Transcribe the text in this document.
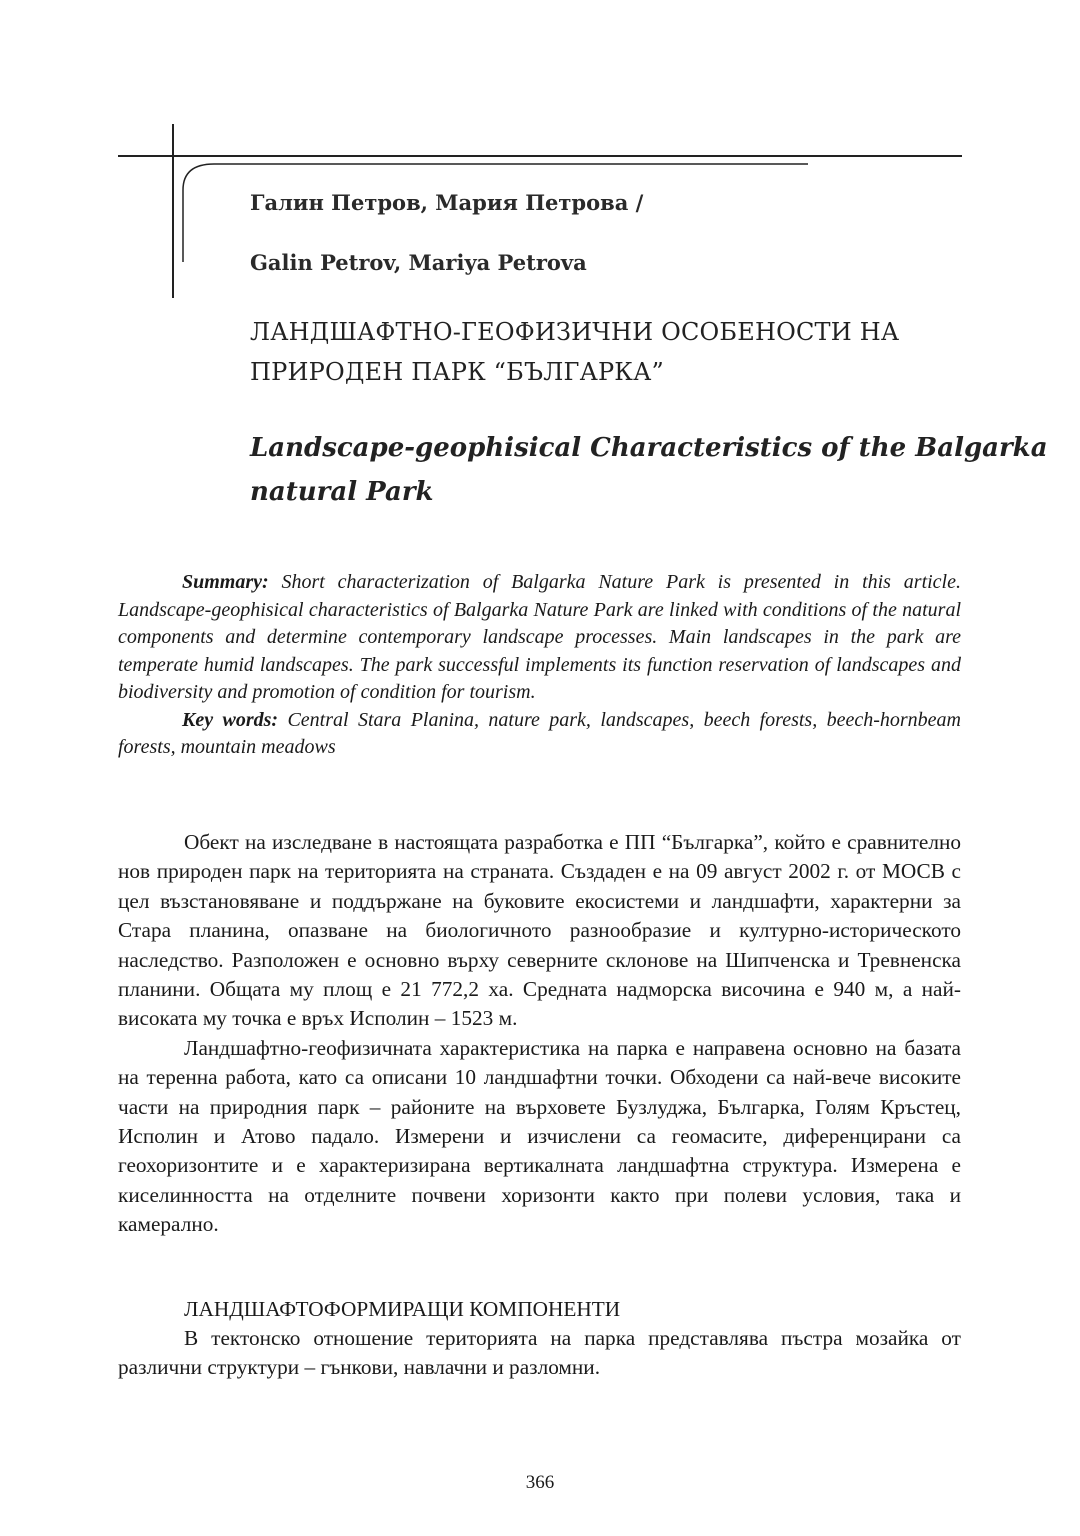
Галин Петров, Мария Петрова /
Galin Petrov, Mariya Petrova
ЛАНДШАФТНО-ГЕОФИЗИЧНИ ОСОБЕНОСТИ НА
ПРИРОДЕН ПАРК “БЪЛГАРКА”
Landscape-geophisical Characteristics of the Balgarka
natural Park

Summary: Short characterization of Balgarka Nature Park is presented in this article. Landscape-geophisical characteristics of Balgarka Nature Park are linked with conditions of the natural components and determine contemporary landscape processes. Main landscapes in the park are temperate humid landscapes. The park successful implements its function reservation of landscapes and biodiversity and promotion of condition for tourism.

Key words: Central Stara Planina, nature park, landscapes, beech forests, beech-hornbeam forests, mountain meadows

Обект на изследване в настоящата разработка е ПП “Българка”, който е сравнително нов природен парк на територията на страната. Създаден е на 09 август 2002 г. от МОСВ с цел възстановяване и поддържане на буковите екосистеми и ландшафти, характерни за Стара планина, опазване на биологичното разнообразие и културно-историческото наследство. Разположен е основно върху северните склонове на Шипченска и Тревненска планини. Общата му площ е 21 772,2 ха. Средната надморска височина е 940 м, а най-високата му точка е връх Исполин – 1523 м.

Ландшафтно-геофизичната характеристика на парка е направена основно на базата на теренна работа, като са описани 10 ландшафтни точки. Обходени са най-вече високите части на природния парк – районите на върховете Бузлуджа, Българка, Голям Кръстец, Исполин и Атово падало. Измерени и изчислени са геомасите, диференцирани са геохоризонтите и е характеризирана вертикалната ландшафтна структура. Измерена е киселинността на отделните почвени хоризонти както при полеви условия, така и камерално.

ЛАНДШАФТОФОРМИРАЩИ КОМПОНЕНТИ

В тектонско отношение територията на парка представлява пъстра мозайка от различни структури – гънкови, навлачни и разломни.

366
